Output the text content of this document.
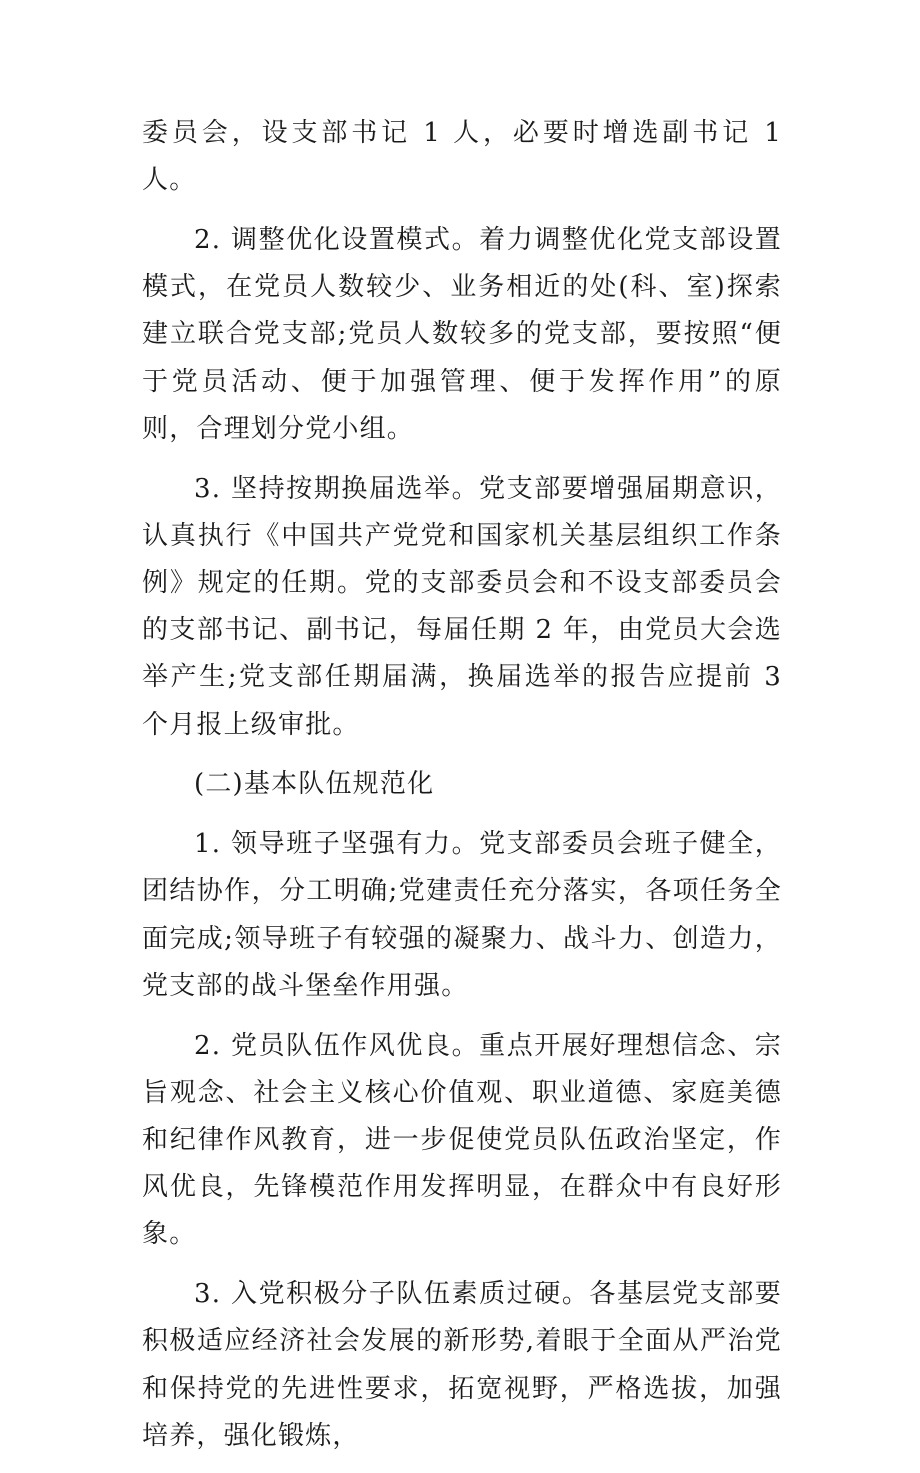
委员会，设支部书记 1 人，必要时增选副书记 1 人。

2. 调整优化设置模式。着力调整优化党支部设置模式，在党员人数较少、业务相近的处(科、室)探索建立联合党支部;党员人数较多的党支部，要按照“便于党员活动、便于加强管理、便于发挥作用”的原则，合理划分党小组。

3. 坚持按期换届选举。党支部要增强届期意识，认真执行《中国共产党党和国家机关基层组织工作条例》规定的任期。党的支部委员会和不设支部委员会的支部书记、副书记，每届任期 2 年，由党员大会选举产生;党支部任期届满，换届选举的报告应提前 3 个月报上级审批。

(二)基本队伍规范化

1. 领导班子坚强有力。党支部委员会班子健全，团结协作，分工明确;党建责任充分落实，各项任务全面完成;领导班子有较强的凝聚力、战斗力、创造力，党支部的战斗堡垒作用强。

2. 党员队伍作风优良。重点开展好理想信念、宗旨观念、社会主义核心价值观、职业道德、家庭美德和纪律作风教育，进一步促使党员队伍政治坚定，作风优良，先锋模范作用发挥明显，在群众中有良好形象。

3. 入党积极分子队伍素质过硬。各基层党支部要积极适应经济社会发展的新形势,着眼于全面从严治党和保持党的先进性要求，拓宽视野，严格选拔，加强培养，强化锻炼，
